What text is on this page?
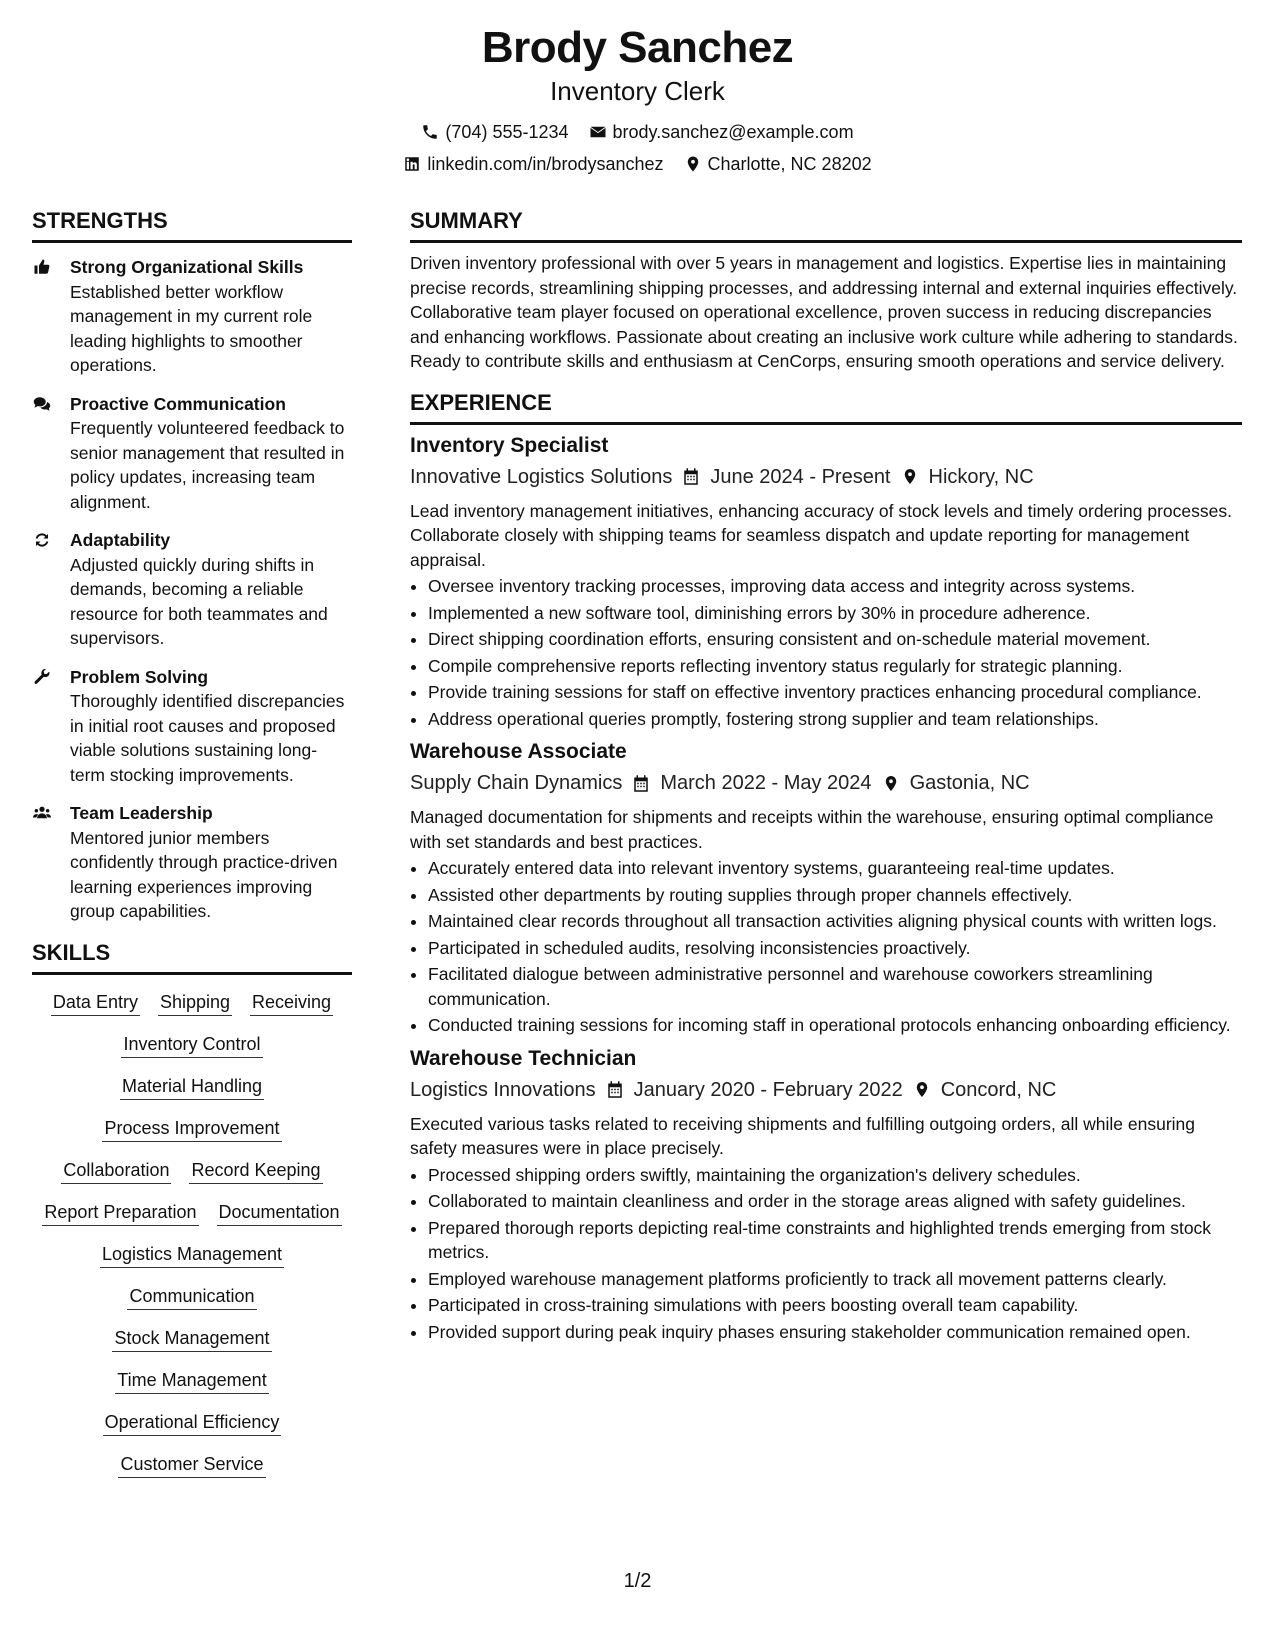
Brody Sanchez
Inventory Clerk
(704) 555-1234 brody.sanchez@example.com
linkedin.com/in/brodysanchez Charlotte, NC 28202
STRENGTHS
Strong Organizational Skills
Established better workflow management in my current role leading highlights to smoother operations.
Proactive Communication
Frequently volunteered feedback to senior management that resulted in policy updates, increasing team alignment.
Adaptability
Adjusted quickly during shifts in demands, becoming a reliable resource for both teammates and supervisors.
Problem Solving
Thoroughly identified discrepancies in initial root causes and proposed viable solutions sustaining long-term stocking improvements.
Team Leadership
Mentored junior members confidently through practice-driven learning experiences improving group capabilities.
SKILLS
Data Entry Shipping Receiving
Inventory Control
Material Handling
Process Improvement
Collaboration Record Keeping
Report Preparation Documentation
Logistics Management
Communication
Stock Management
Time Management
Operational Efficiency
Customer Service
SUMMARY
Driven inventory professional with over 5 years in management and logistics. Expertise lies in maintaining precise records, streamlining shipping processes, and addressing internal and external inquiries effectively. Collaborative team player focused on operational excellence, proven success in reducing discrepancies and enhancing workflows. Passionate about creating an inclusive work culture while adhering to standards. Ready to contribute skills and enthusiasm at CenCorps, ensuring smooth operations and service delivery.
EXPERIENCE
Inventory Specialist
Innovative Logistics Solutions June 2024 - Present Hickory, NC
Lead inventory management initiatives, enhancing accuracy of stock levels and timely ordering processes. Collaborate closely with shipping teams for seamless dispatch and update reporting for management appraisal.
• Oversee inventory tracking processes, improving data access and integrity across systems.
• Implemented a new software tool, diminishing errors by 30% in procedure adherence.
• Direct shipping coordination efforts, ensuring consistent and on-schedule material movement.
• Compile comprehensive reports reflecting inventory status regularly for strategic planning.
• Provide training sessions for staff on effective inventory practices enhancing procedural compliance.
• Address operational queries promptly, fostering strong supplier and team relationships.
Warehouse Associate
Supply Chain Dynamics March 2022 - May 2024 Gastonia, NC
Managed documentation for shipments and receipts within the warehouse, ensuring optimal compliance with set standards and best practices.
• Accurately entered data into relevant inventory systems, guaranteeing real-time updates.
• Assisted other departments by routing supplies through proper channels effectively.
• Maintained clear records throughout all transaction activities aligning physical counts with written logs.
• Participated in scheduled audits, resolving inconsistencies proactively.
• Facilitated dialogue between administrative personnel and warehouse coworkers streamlining communication.
• Conducted training sessions for incoming staff in operational protocols enhancing onboarding efficiency.
Warehouse Technician
Logistics Innovations January 2020 - February 2022 Concord, NC
Executed various tasks related to receiving shipments and fulfilling outgoing orders, all while ensuring safety measures were in place precisely.
• Processed shipping orders swiftly, maintaining the organization's delivery schedules.
• Collaborated to maintain cleanliness and order in the storage areas aligned with safety guidelines.
• Prepared thorough reports depicting real-time constraints and highlighted trends emerging from stock metrics.
• Employed warehouse management platforms proficiently to track all movement patterns clearly.
• Participated in cross-training simulations with peers boosting overall team capability.
• Provided support during peak inquiry phases ensuring stakeholder communication remained open.
1/2
